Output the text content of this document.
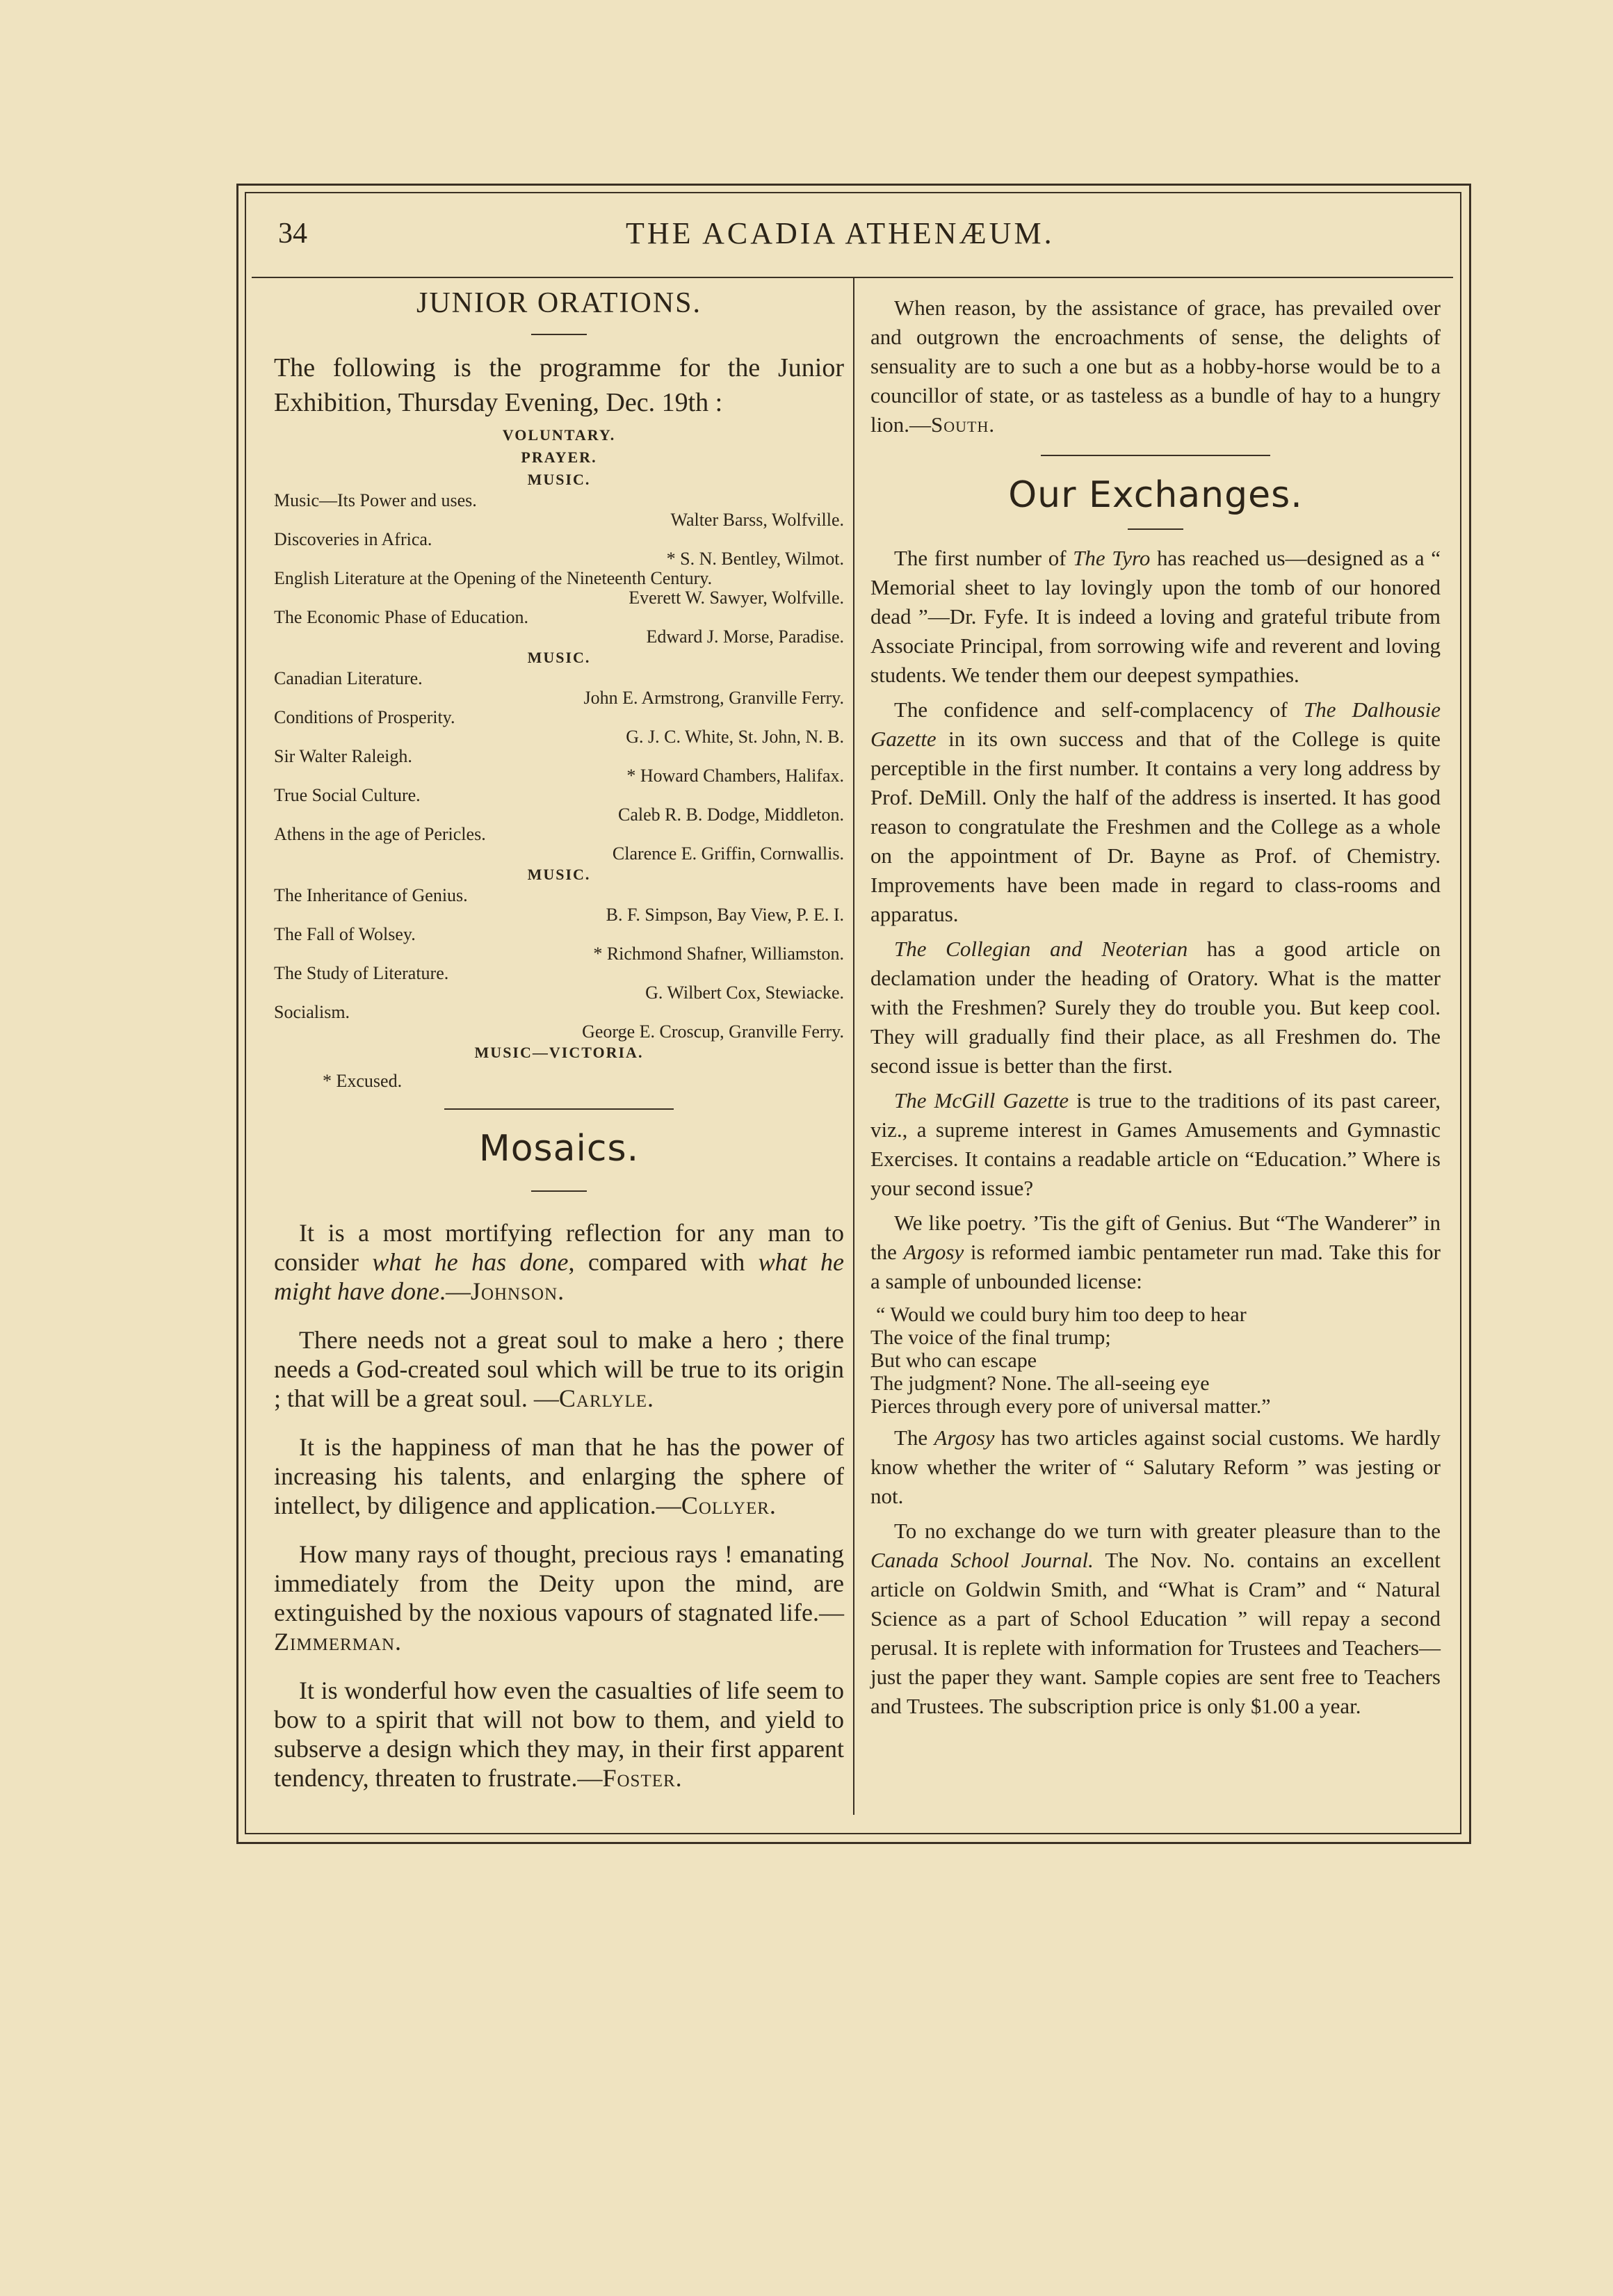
34	THE ACADIA ATHENÆUM.
JUNIOR ORATIONS.

The following is the programme for the Junior Exhibition, Thursday Evening, Dec. 19th :

VOLUNTARY.

PRAYER.

MUSIC.

Music—Its Power and uses.
Walter Barss, Wolfville.
Discoveries in Africa.
* S. N. Bentley, Wilmot.
English Literature at the Opening of the Nineteenth Century.
Everett W. Sawyer, Wolfville.
The Economic Phase of Education.
Edward J. Morse, Paradise.

MUSIC.

Canadian Literature.
John E. Armstrong, Granville Ferry.
Conditions of Prosperity.
G. J. C. White, St. John, N. B.
Sir Walter Raleigh.
* Howard Chambers, Halifax.
True Social Culture.
Caleb R. B. Dodge, Middleton.
Athens in the age of Pericles.
Clarence E. Griffin, Cornwallis.

MUSIC.

The Inheritance of Genius.
B. F. Simpson, Bay View, P. E. I.
The Fall of Wolsey.
* Richmond Shafner, Williamston.
The Study of Literature.
G. Wilbert Cox, Stewiacke.
Socialism.
George E. Croscup, Granville Ferry.

MUSIC—VICTORIA.

* Excused.

Mosaics.

It is a most mortifying reflection for any man to consider what he has done, compared with what he might have done.—Johnson.

There needs not a great soul to make a hero ; there needs a God-created soul which will be true to its origin ; that will be a great soul. —Carlyle.

It is the happiness of man that he has the power of increasing his talents, and enlarging the sphere of intellect, by diligence and application.—Collyer.

How many rays of thought, precious rays ! emanating immediately from the Deity upon the mind, are extinguished by the noxious vapours of stagnated life.—Zimmerman.

It is wonderful how even the casualties of life seem to bow to a spirit that will not bow to them, and yield to subserve a design which they may, in their first apparent tendency, threaten to frustrate.—Foster.

When reason, by the assistance of grace, has prevailed over and outgrown the encroachments of sense, the delights of sensuality are to such a one but as a hobby-horse would be to a councillor of state, or as tasteless as a bundle of hay to a hungry lion.—South.

Our Exchanges.

The first number of The Tyro has reached us—designed as a “ Memorial sheet to lay lovingly upon the tomb of our honored dead ”—Dr. Fyfe. It is indeed a loving and grateful tribute from Associate Principal, from sorrowing wife and reverent and loving students. We tender them our deepest sympathies.

The confidence and self-complacency of The Dalhousie Gazette in its own success and that of the College is quite perceptible in the first number. It contains a very long address by Prof. DeMill. Only the half of the address is inserted. It has good reason to congratulate the Freshmen and the College as a whole on the appointment of Dr. Bayne as Prof. of Chemistry. Improvements have been made in regard to class-rooms and apparatus.

The Collegian and Neoterian has a good article on declamation under the heading of Oratory. What is the matter with the Freshmen? Surely they do trouble you. But keep cool. They will gradually find their place, as all Freshmen do. The second issue is better than the first.

The McGill Gazette is true to the traditions of its past career, viz., a supreme interest in Games Amusements and Gymnastic Exercises. It contains a readable article on “Education.” Where is your second issue?

We like poetry. ’Tis the gift of Genius. But “The Wanderer” in the Argosy is reformed iambic pentameter run mad. Take this for a sample of unbounded license:

“ Would we could bury him too deep to hear

The voice of the final trump;

But who can escape

The judgment? None. The all-seeing eye

Pierces through every pore of universal matter.”

The Argosy has two articles against social customs. We hardly know whether the writer of “ Salutary Reform ” was jesting or not.

To no exchange do we turn with greater pleasure than to the Canada School Journal. The Nov. No. contains an excellent article on Goldwin Smith, and “What is Cram” and “ Natural Science as a part of School Education ” will repay a second perusal. It is replete with information for Trustees and Teachers—just the paper they want. Sample copies are sent free to Teachers and Trustees. The subscription price is only $1.00 a year.
